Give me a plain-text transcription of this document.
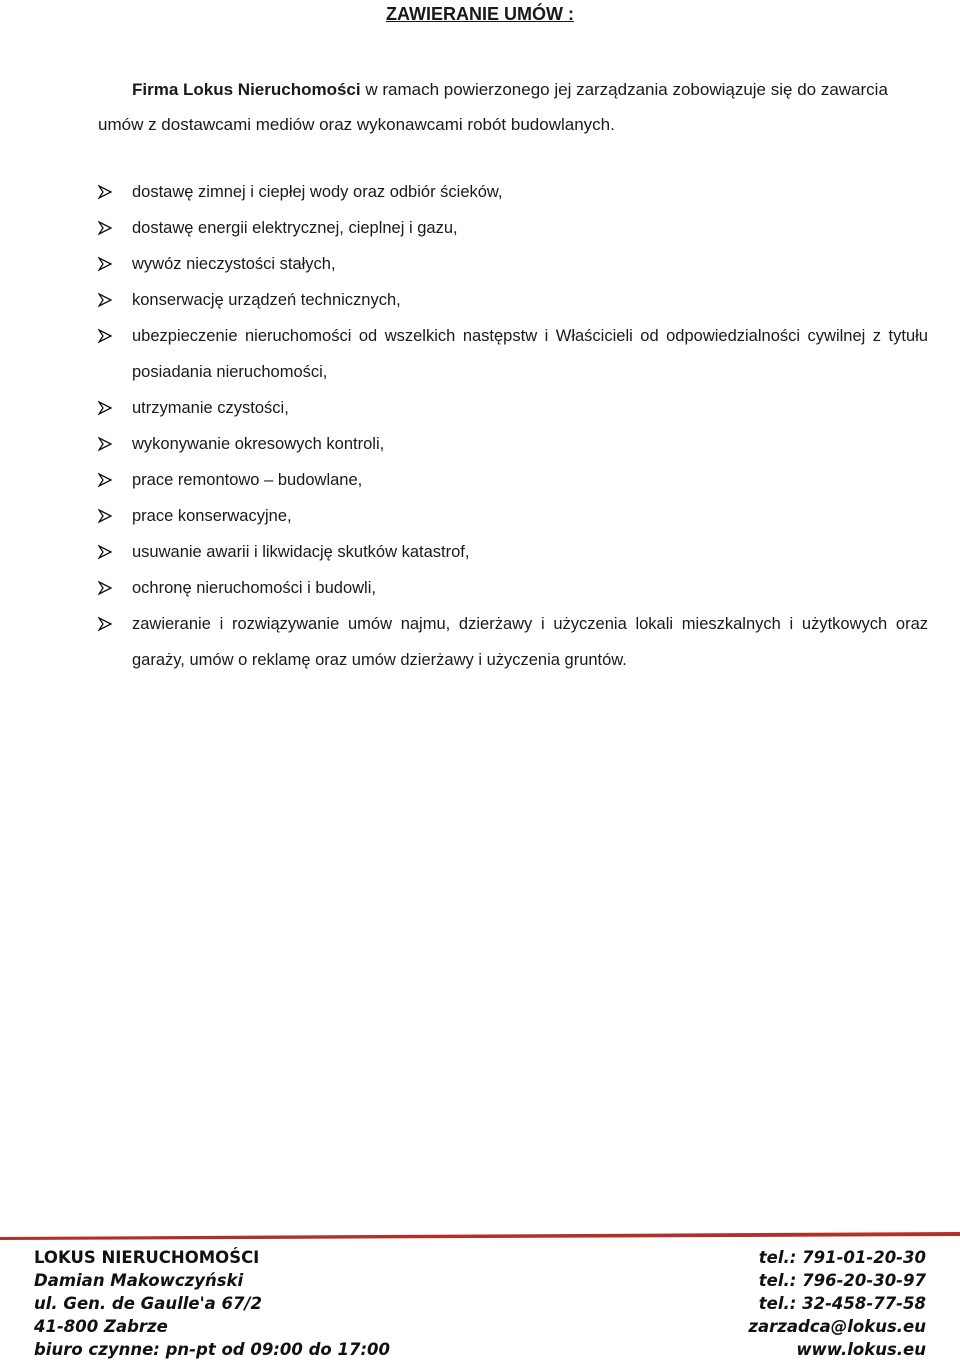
ZAWIERANIE UMÓW :
Firma Lokus Nieruchomości w ramach powierzonego jej zarządzania zobowiązuje się do zawarcia
umów z dostawcami mediów oraz wykonawcami robót budowlanych.
dostawę zimnej i ciepłej wody oraz odbiór ścieków,
dostawę energii elektrycznej, cieplnej i gazu,
wywóz nieczystości stałych,
konserwację urządzeń technicznych,
ubezpieczenie nieruchomości od wszelkich następstw i Właścicieli od odpowiedzialności cywilnej z tytułu posiadania nieruchomości,
utrzymanie czystości,
wykonywanie okresowych kontroli,
prace remontowo – budowlane,
prace konserwacyjne,
usuwanie awarii i likwidację skutków katastrof,
ochronę nieruchomości i budowli,
zawieranie i rozwiązywanie umów najmu, dzierżawy i użyczenia lokali mieszkalnych i użytkowych oraz garaży, umów o reklamę oraz umów dzierżawy i użyczenia gruntów.
LOKUS NIERUCHOMOŚCI	tel.: 791-01-20-30
Damian Makowczyński	tel.: 796-20-30-97
ul. Gen. de Gaulle'a 67/2	tel.: 32-458-77-58
41-800 Zabrze	zarzadca@lokus.eu
biuro czynne: pn-pt od 09:00 do 17:00	www.lokus.eu
